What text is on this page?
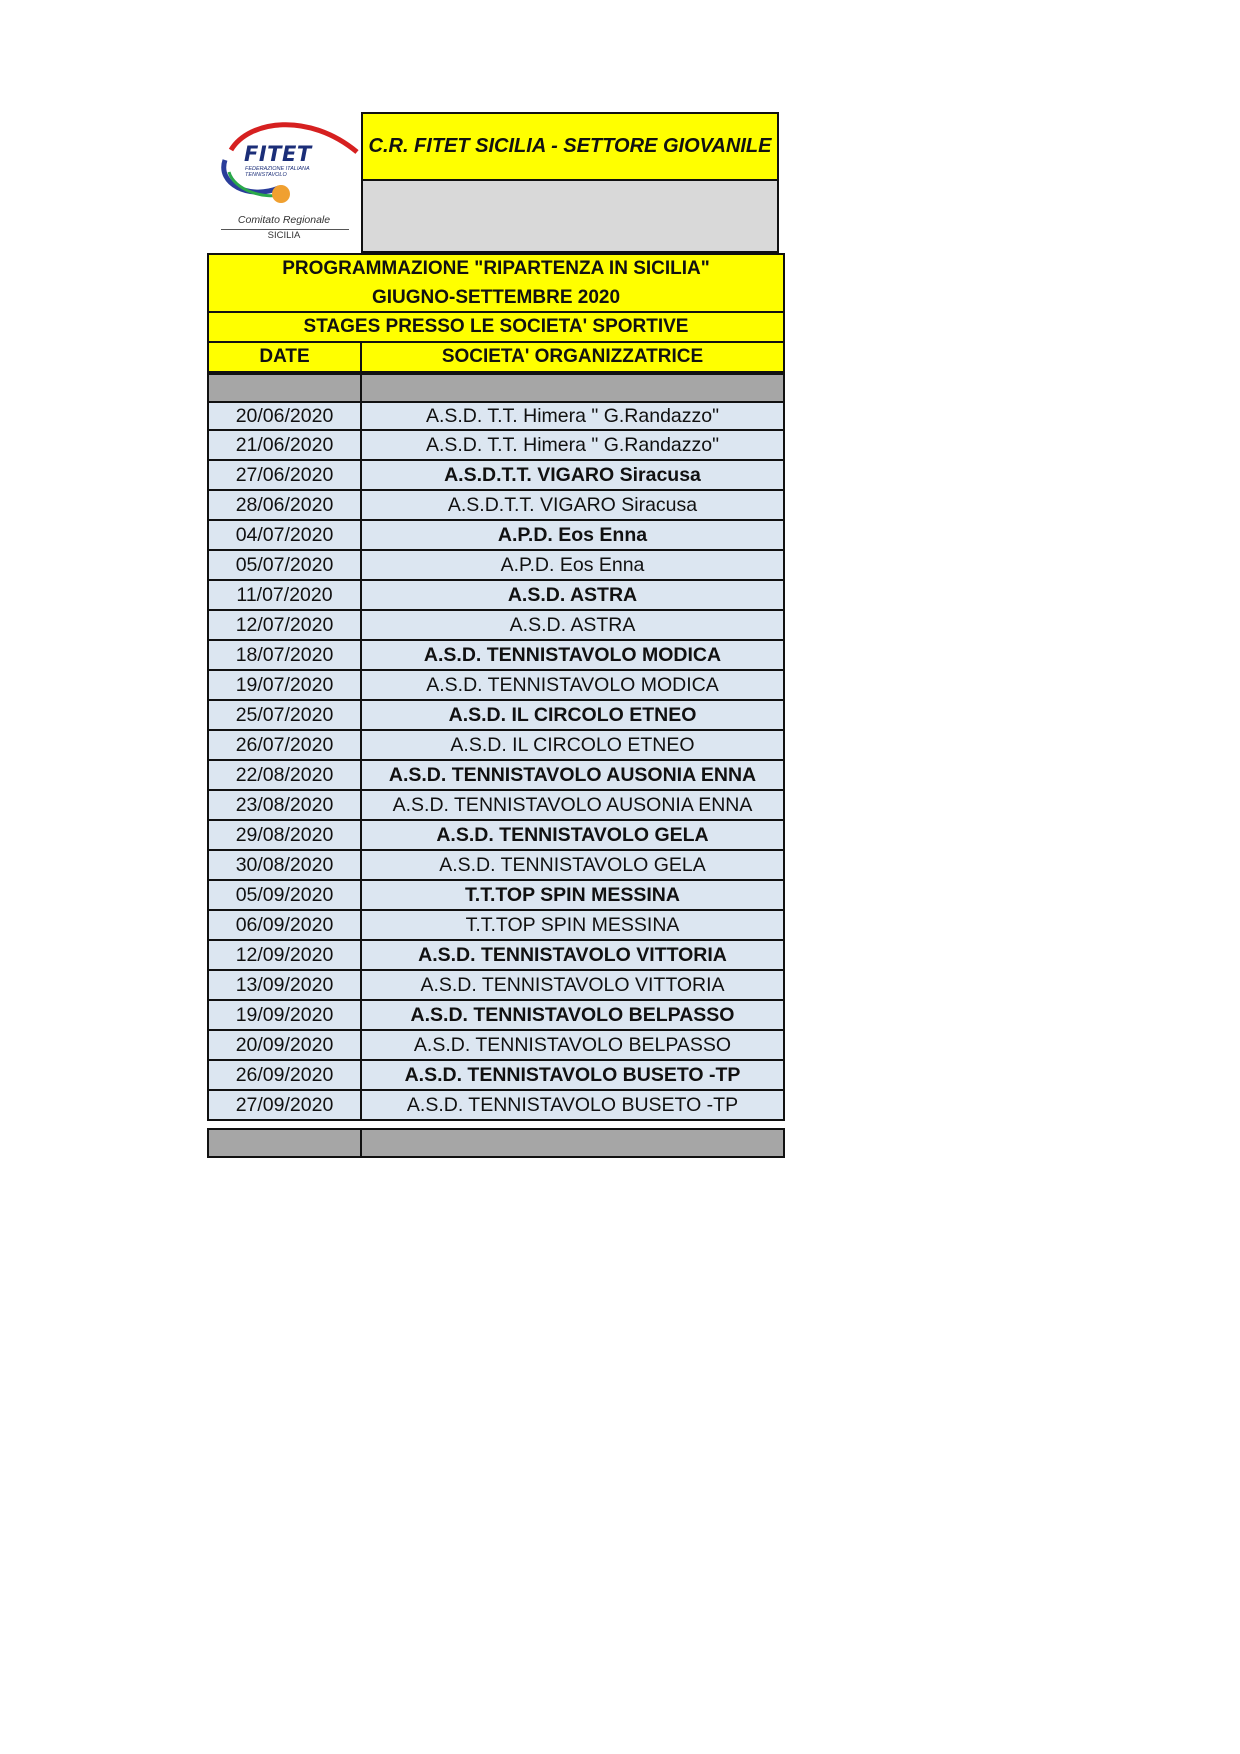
FITET
FEDERAZIONE ITALIANA TENNISTAVOLO
Comitato Regionale
SICILIA
C.R. FITET SICILIA - SETTORE GIOVANILE
PROGRAMMAZIONE "RIPARTENZA IN SICILIA"
GIUGNO-SETTEMBRE 2020
STAGES PRESSO LE SOCIETA' SPORTIVE
DATE	SOCIETA' ORGANIZZATRICE
20/06/2020	A.S.D. T.T. Himera " G.Randazzo"
21/06/2020	A.S.D. T.T. Himera " G.Randazzo"
27/06/2020	A.S.D.T.T. VIGARO Siracusa
28/06/2020	A.S.D.T.T. VIGARO Siracusa
04/07/2020	A.P.D. Eos Enna
05/07/2020	A.P.D. Eos Enna
11/07/2020	A.S.D. ASTRA
12/07/2020	A.S.D. ASTRA
18/07/2020	A.S.D. TENNISTAVOLO MODICA
19/07/2020	A.S.D. TENNISTAVOLO MODICA
25/07/2020	A.S.D. IL CIRCOLO ETNEO
26/07/2020	A.S.D. IL CIRCOLO ETNEO
22/08/2020	A.S.D. TENNISTAVOLO AUSONIA ENNA
23/08/2020	A.S.D. TENNISTAVOLO AUSONIA ENNA
29/08/2020	A.S.D. TENNISTAVOLO GELA
30/08/2020	A.S.D. TENNISTAVOLO GELA
05/09/2020	T.T.TOP SPIN MESSINA
06/09/2020	T.T.TOP SPIN MESSINA
12/09/2020	A.S.D. TENNISTAVOLO VITTORIA
13/09/2020	A.S.D. TENNISTAVOLO VITTORIA
19/09/2020	A.S.D. TENNISTAVOLO BELPASSO
20/09/2020	A.S.D. TENNISTAVOLO BELPASSO
26/09/2020	A.S.D. TENNISTAVOLO BUSETO -TP
27/09/2020	A.S.D. TENNISTAVOLO BUSETO -TP
